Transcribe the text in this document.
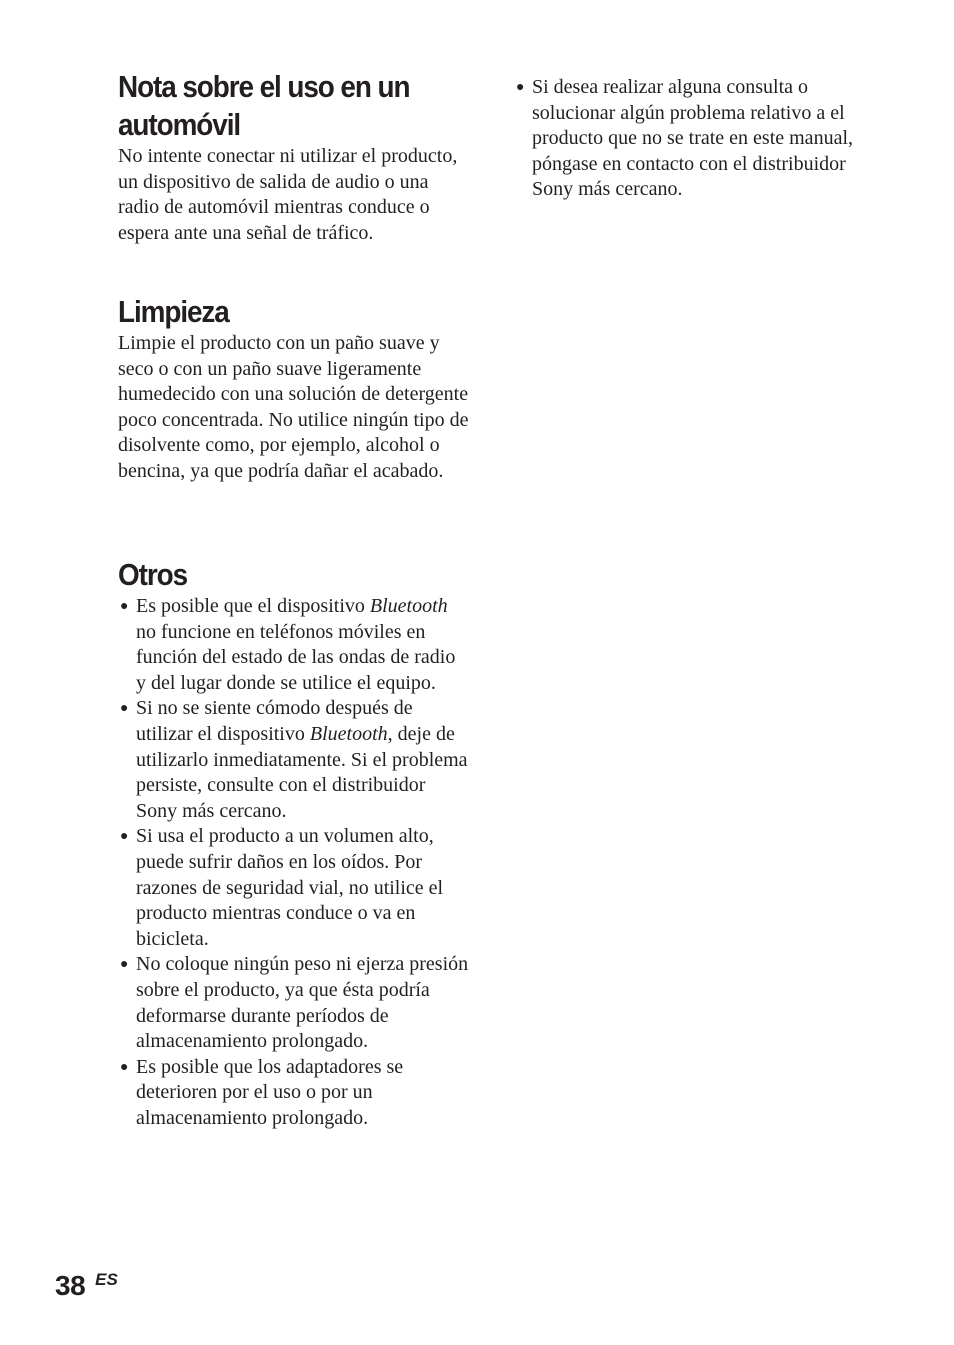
Nota sobre el uso en un
automóvil

No intente conectar ni utilizar el producto, un dispositivo de salida de audio o una radio de automóvil mientras conduce o espera ante una señal de tráfico.

Limpieza

Limpie el producto con un paño suave y seco o con un paño suave ligeramente humedecido con una solución de detergente poco concentrada. No utilice ningún tipo de disolvente como, por ejemplo, alcohol o bencina, ya que podría dañar el acabado.

Otros
● Es posible que el dispositivo Bluetooth no funcione en teléfonos móviles en función del estado de las ondas de radio y del lugar donde se utilice el equipo.
● Si no se siente cómodo después de utilizar el dispositivo Bluetooth, deje de utilizarlo inmediatamente. Si el problema persiste, consulte con el distribuidor Sony más cercano.
● Si usa el producto a un volumen alto, puede sufrir daños en los oídos. Por razones de seguridad vial, no utilice el producto mientras conduce o va en bicicleta.
● No coloque ningún peso ni ejerza presión sobre el producto, ya que ésta podría deformarse durante períodos de almacenamiento prolongado.
● Es posible que los adaptadores se deterioren por el uso o por un almacenamiento prolongado.
● Si desea realizar alguna consulta o solucionar algún problema relativo a el producto que no se trate en este manual, póngase en contacto con el distribuidor Sony más cercano.
38 ES
